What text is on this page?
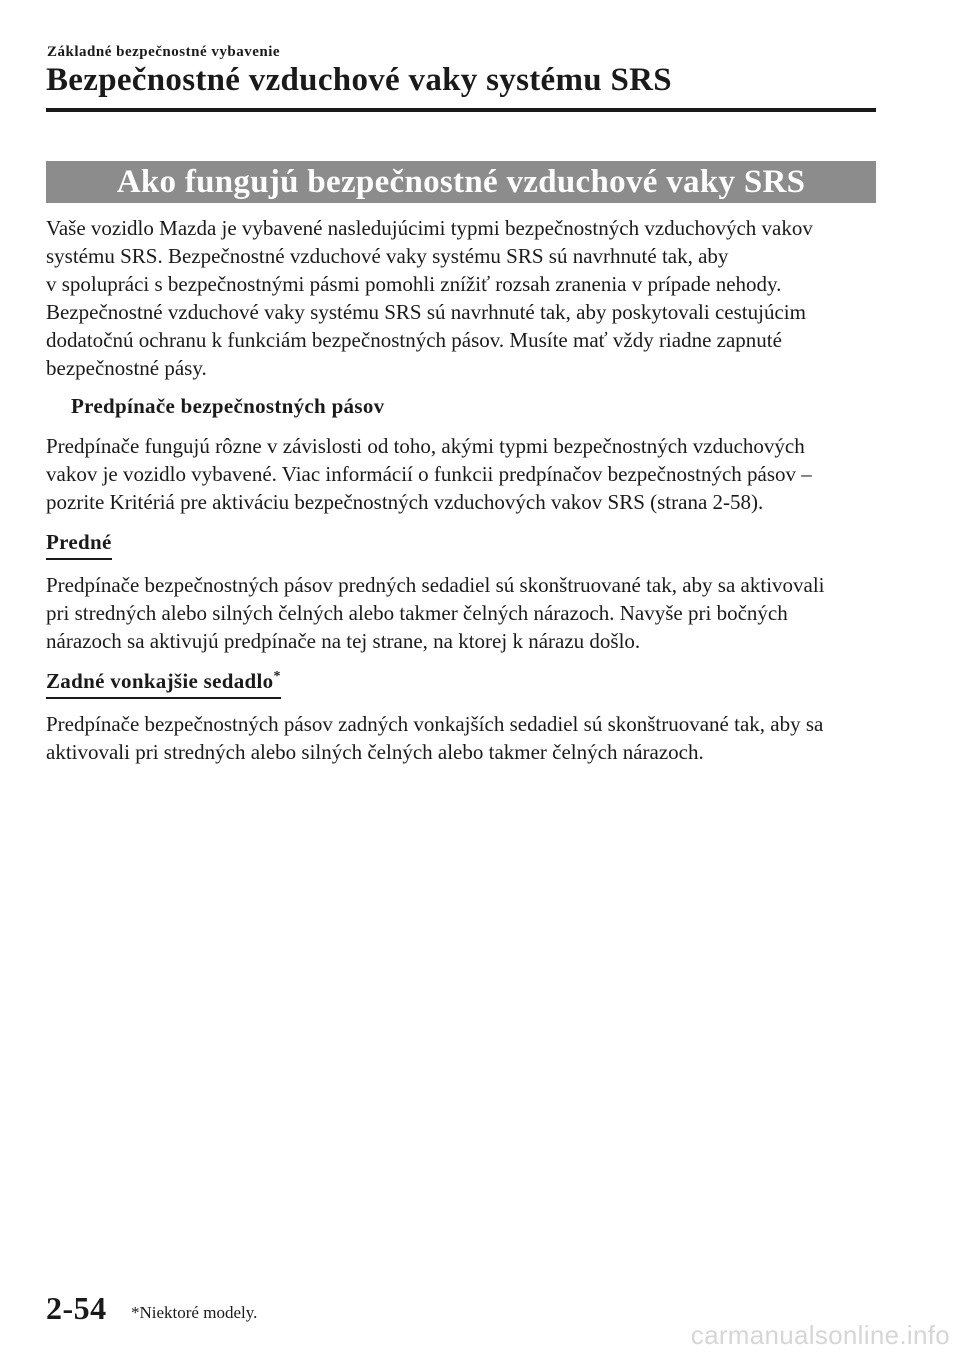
Základné bezpečnostné vybavenie
Bezpečnostné vzduchové vaky systému SRS
Ako fungujú bezpečnostné vzduchové vaky SRS

Vaše vozidlo Mazda je vybavené nasledujúcimi typmi bezpečnostných vzduchových vakov
systému SRS. Bezpečnostné vzduchové vaky systému SRS sú navrhnuté tak, aby
v spolupráci s bezpečnostnými pásmi pomohli znížiť rozsah zranenia v prípade nehody.
Bezpečnostné vzduchové vaky systému SRS sú navrhnuté tak, aby poskytovali cestujúcim
dodatočnú ochranu k funkciám bezpečnostných pásov. Musíte mať vždy riadne zapnuté
bezpečnostné pásy.

Predpínače bezpečnostných pásov

Predpínače fungujú rôzne v závislosti od toho, akými typmi bezpečnostných vzduchových
vakov je vozidlo vybavené. Viac informácií o funkcii predpínačov bezpečnostných pásov –
pozrite Kritériá pre aktiváciu bezpečnostných vzduchových vakov SRS (strana 2-58).

Predné

Predpínače bezpečnostných pásov predných sedadiel sú skonštruované tak, aby sa aktivovali
pri stredných alebo silných čelných alebo takmer čelných nárazoch. Navyše pri bočných
nárazoch sa aktivujú predpínače na tej strane, na ktorej k nárazu došlo.

Zadné vonkajšie sedadlo*

Predpínače bezpečnostných pásov zadných vonkajších sedadiel sú skonštruované tak, aby sa
aktivovali pri stredných alebo silných čelných alebo takmer čelných nárazoch.

2-54 *Niektoré modely.
carmanualsonline.info
